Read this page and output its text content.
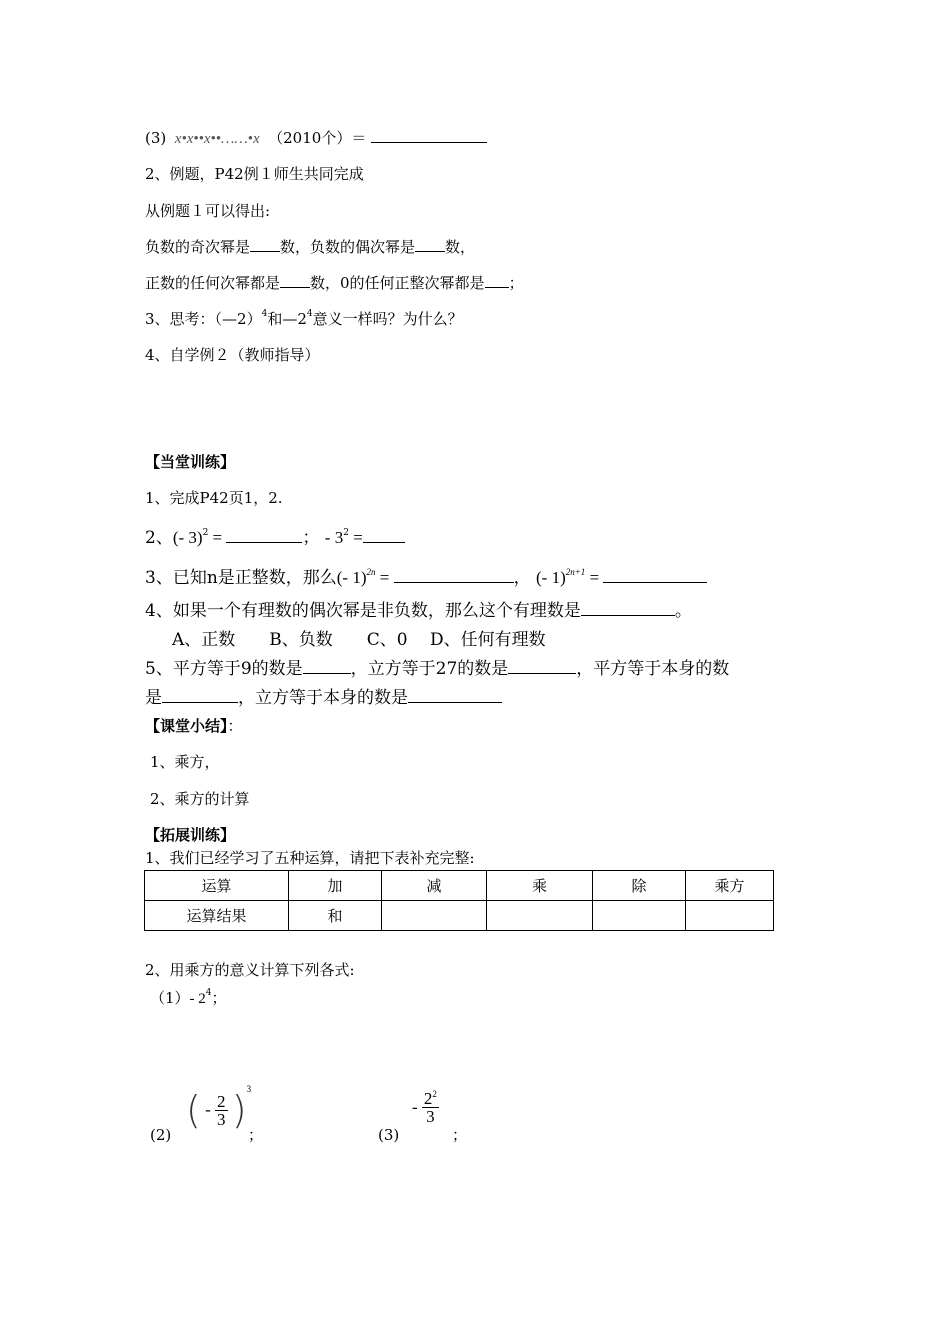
(3)  x•x••x••……•x  （2010个）＝
2、例题，P42例１师生共同完成
从例题１可以得出:
负数的奇次幂是 数，负数的偶次幂是 数，
正数的任何次幂都是 数，0的任何正整次幂都是 ；
3、思考：（—2）$^4$和$—2^4$意义一样吗？为什么？
4、自学例２（教师指导）
【当堂训练】
1、完成P42页1，2.
2、(- 3)$^2$ =	； - $3^2$ =
3、已知n是正整数，那么(- 1)$^{2n}$ =	， (- 1)$^{2n+1}$ =
4、如果一个有理数的偶次幂是非负数，那么这个有理数是	。
A、正数　　B、负数　　C、0　 D、任何有理数
5、平方等于9的数是	，立方等于27的数是	，平方等于本身的数
是	，立方等于本身的数是
【课堂小结】：
1、乘方，
2、乘方的计算
【拓展训练】
1、我们已经学习了五种运算，请把下表补充完整:
运算	加	减	乘	除	乘方
运算结果	和				
2、用乘方的意义计算下列各式:
（1）- $2^4$；
(2)
( - $\frac{2}{3} )^3$
；	(3)
- $\frac{2^2}{3}$
；
